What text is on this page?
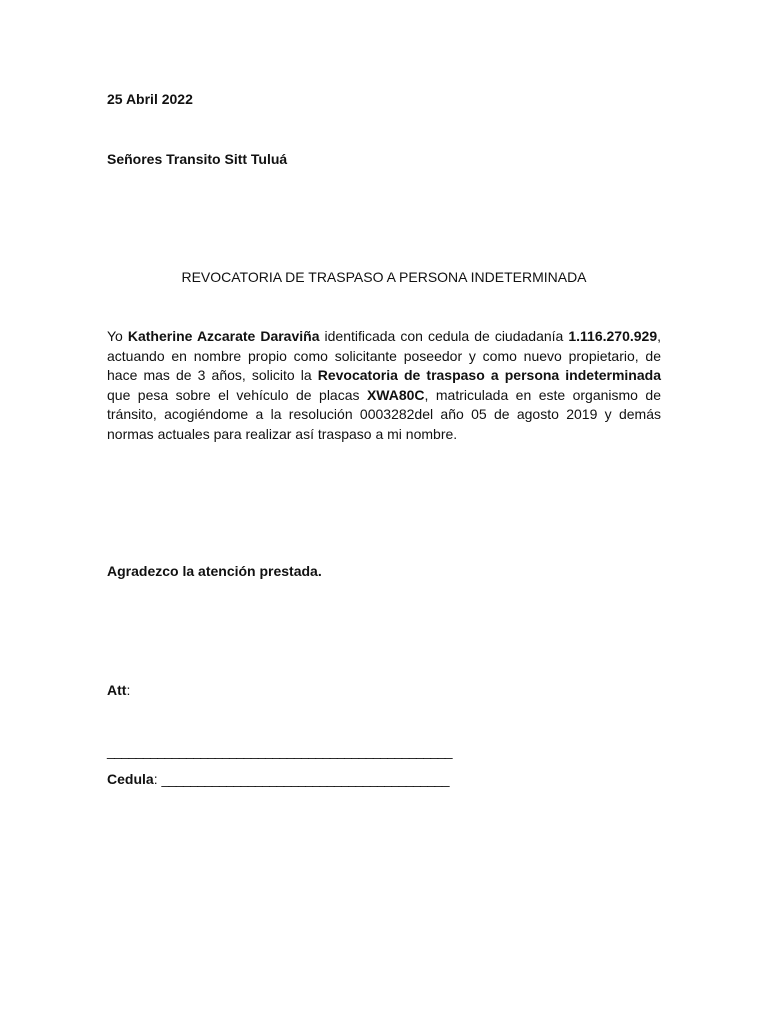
25 Abril 2022
Señores Transito Sitt Tuluá
REVOCATORIA DE TRASPASO A PERSONA INDETERMINADA
Yo Katherine Azcarate Daraviña identificada con cedula de ciudadanía 1.116.270.929, actuando en nombre propio como solicitante poseedor y como nuevo propietario, de hace mas de 3 años, solicito la Revocatoria de traspaso a persona indeterminada que pesa sobre el vehículo de placas XWA80C, matriculada en este organismo de tránsito, acogiéndome a la resolución 0003282del año 05 de agosto 2019 y demás normas actuales para realizar así traspaso a mi nombre.
Agradezco la atención prestada.
Att:
________________________________________________
Cedula: ________________________________________
